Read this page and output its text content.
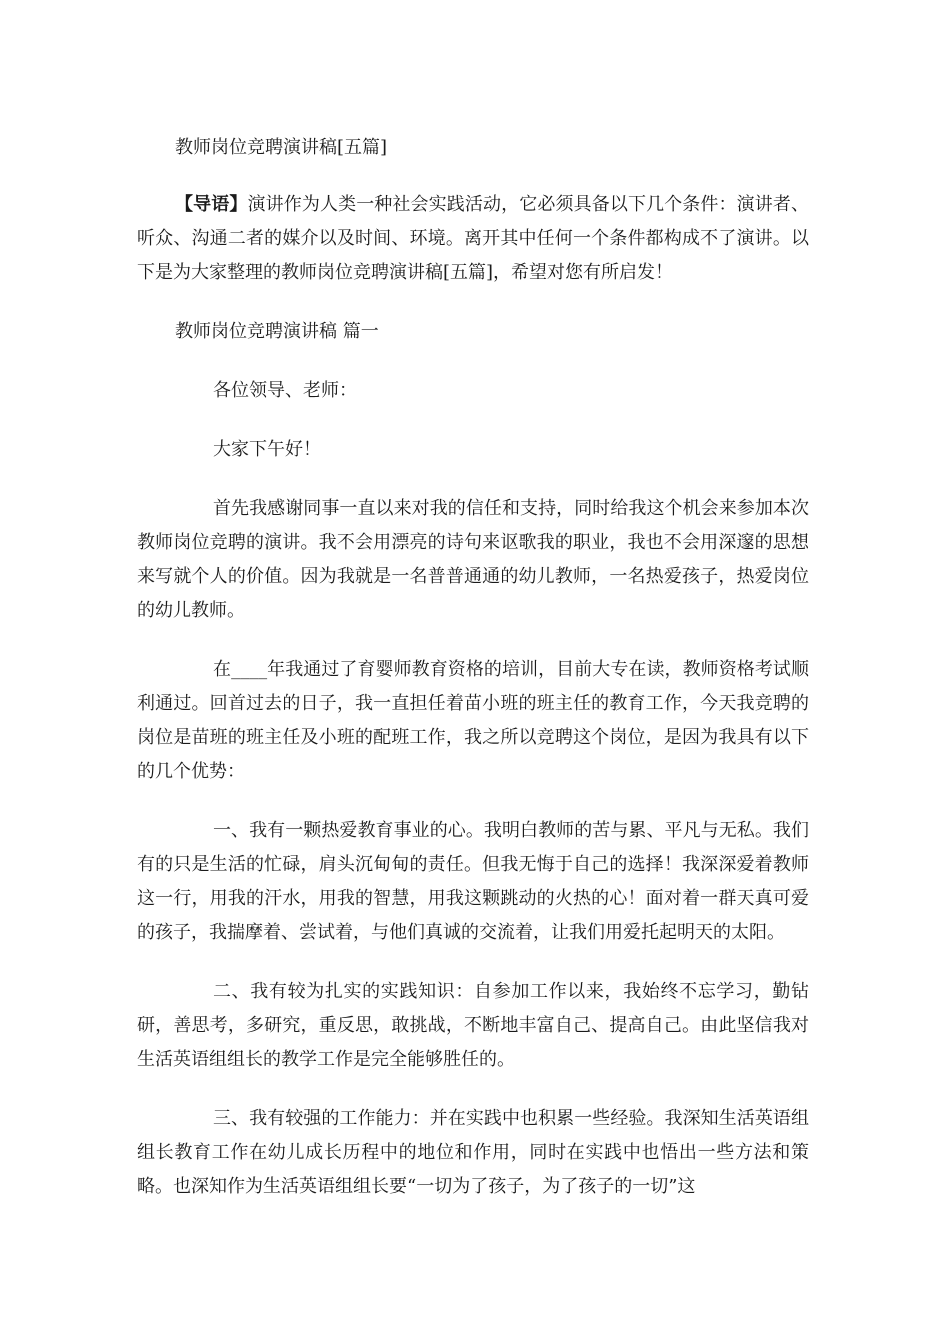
教师岗位竞聘演讲稿[五篇]

【导语】演讲作为人类一种社会实践活动，它必须具备以下几个条件：演讲者、听众、沟通二者的媒介以及时间、环境。离开其中任何一个条件都构成不了演讲。以下是为大家整理的教师岗位竞聘演讲稿[五篇]，希望对您有所启发！

教师岗位竞聘演讲稿 篇一

各位领导、老师：

大家下午好！

首先我感谢同事一直以来对我的信任和支持，同时给我这个机会来参加本次教师岗位竞聘的演讲。我不会用漂亮的诗句来讴歌我的职业，我也不会用深邃的思想来写就个人的价值。因为我就是一名普普通通的幼儿教师，一名热爱孩子，热爱岗位的幼儿教师。

在____年我通过了育婴师教育资格的培训，目前大专在读，教师资格考试顺利通过。回首过去的日子，我一直担任着苗小班的班主任的教育工作，今天我竞聘的岗位是苗班的班主任及小班的配班工作，我之所以竞聘这个岗位，是因为我具有以下的几个优势：

一、我有一颗热爱教育事业的心。我明白教师的苦与累、平凡与无私。我们有的只是生活的忙碌，肩头沉甸甸的责任。但我无悔于自己的选择！我深深爱着教师这一行，用我的汗水，用我的智慧，用我这颗跳动的火热的心！面对着一群天真可爱的孩子，我揣摩着、尝试着，与他们真诚的交流着，让我们用爱托起明天的太阳。

二、我有较为扎实的实践知识：自参加工作以来，我始终不忘学习，勤钻研，善思考，多研究，重反思，敢挑战，不断地丰富自己、提高自己。由此坚信我对生活英语组组长的教学工作是完全能够胜任的。

三、我有较强的工作能力：并在实践中也积累一些经验。我深知生活英语组组长教育工作在幼儿成长历程中的地位和作用，同时在实践中也悟出一些方法和策略。也深知作为生活英语组组长要“一切为了孩子，为了孩子的一切”这
